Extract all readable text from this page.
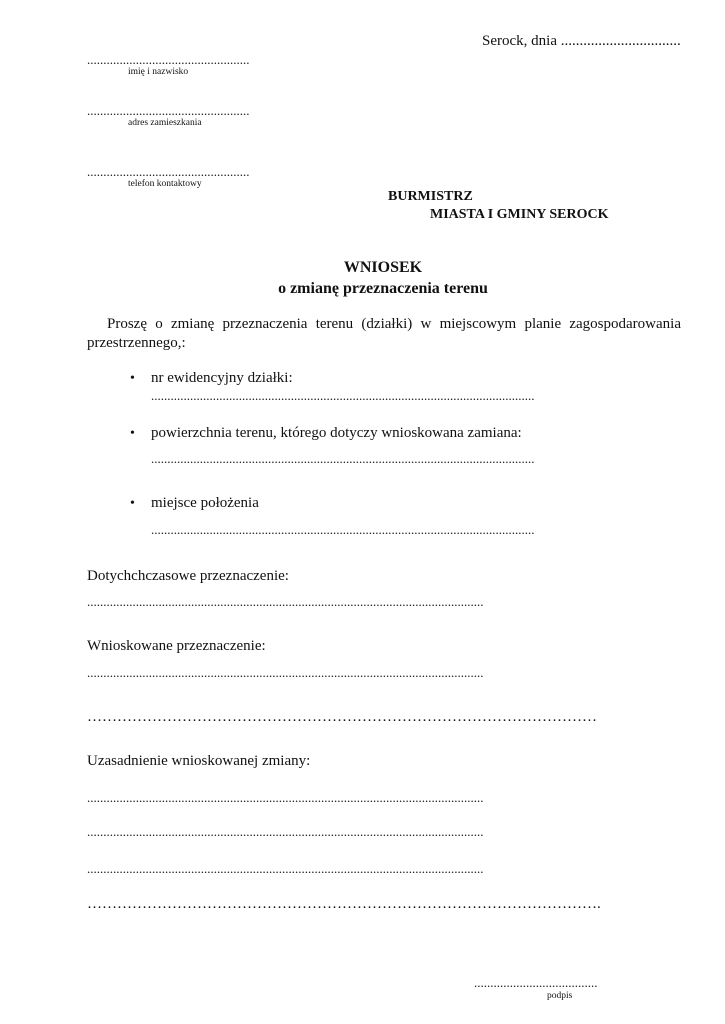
Serock, dnia ................................
..................................................
imię i nazwisko
..................................................
adres zamieszkania
..................................................
telefon kontaktowy
BURMISTRZ
MIASTA I GMINY SEROCK
WNIOSEK
o zmianę przeznaczenia terenu
Proszę o zmianę przeznaczenia terenu (działki) w miejscowym planie zagospodarowania
przestrzennego,:
• nr ewidencyjny działki:
......................................................................................................................
• powierzchnia terenu, którego dotyczy wnioskowana zamiana:
......................................................................................................................
• miejsce położenia
......................................................................................................................
Dotychchczasowe przeznaczenie:
..........................................................................................................................
Wnioskowane przeznaczenie:
..........................................................................................................................
…………………………………………………………………………………………
Uzasadnienie wnioskowanej zmiany:
..........................................................................................................................
..........................................................................................................................
..........................................................................................................................
………………………………………………………………………………………….
......................................
podpis
